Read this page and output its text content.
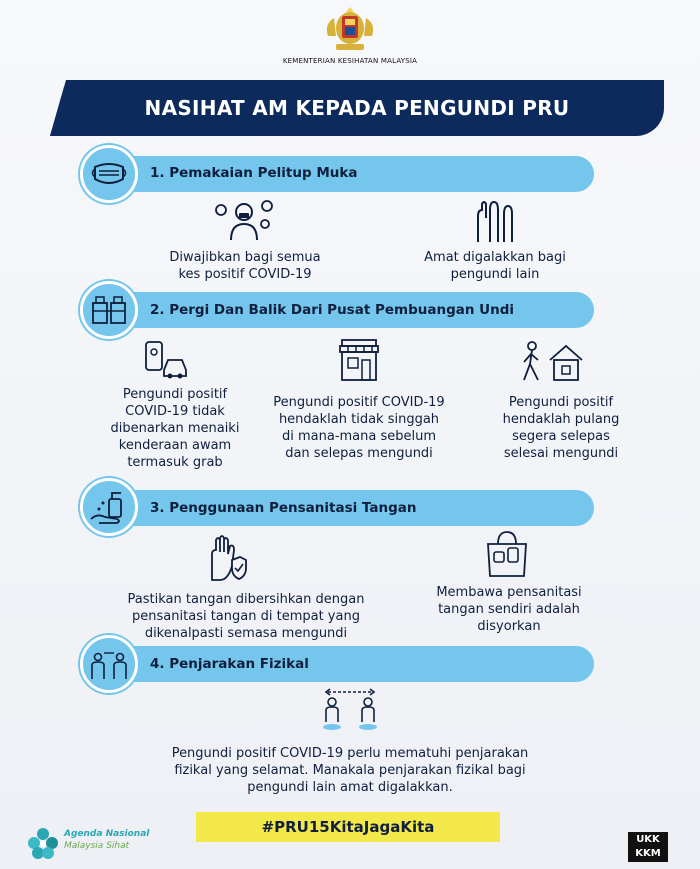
KEMENTERIAN KESIHATAN MALAYSIA
NASIHAT AM KEPADA PENGUNDI PRU
1. Pemakaian Pelitup Muka
Diwajibkan bagi semua
kes positif COVID-19
Amat digalakkan bagi
pengundi lain
2. Pergi Dan Balik Dari Pusat Pembuangan Undi
Pengundi positif
COVID-19 tidak
dibenarkan menaiki
kenderaan awam
termasuk grab
Pengundi positif COVID-19
hendaklah tidak singgah
di mana-mana sebelum
dan selepas mengundi
Pengundi positif
hendaklah pulang
segera selepas
selesai mengundi
3. Penggunaan Pensanitasi Tangan
Pastikan tangan dibersihkan dengan
pensanitasi tangan di tempat yang
dikenalpasti semasa mengundi
Membawa pensanitasi
tangan sendiri adalah
disyorkan
4. Penjarakan Fizikal
Pengundi positif COVID-19 perlu mematuhi penjarakan
fizikal yang selamat. Manakala penjarakan fizikal bagi
pengundi lain amat digalakkan.
#PRU15KitaJagaKita
Agenda Nasional
Malaysia Sihat
UKK
KKM
